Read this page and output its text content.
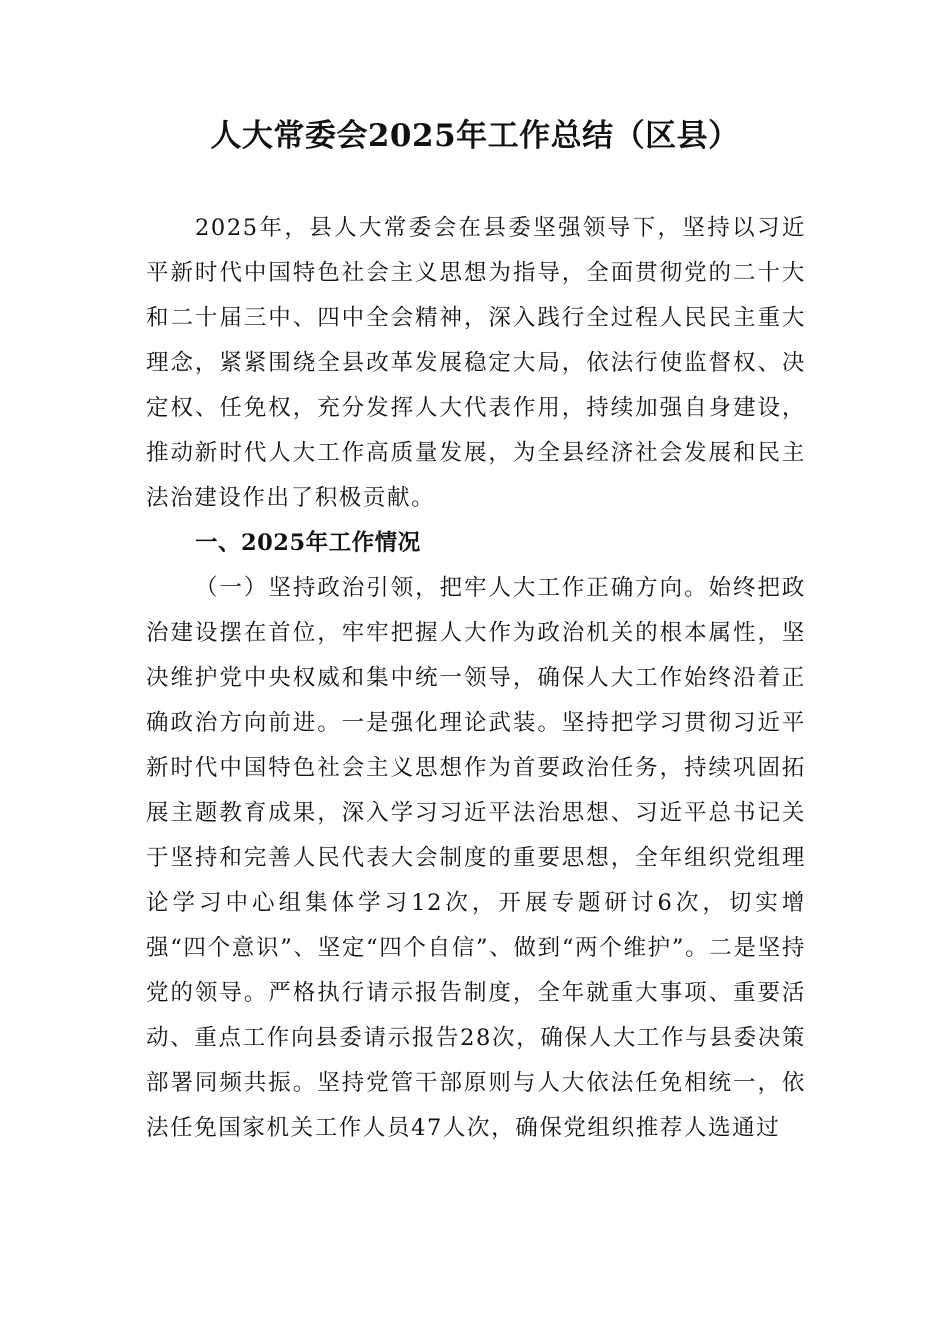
人大常委会2025年工作总结（区县）

2025年，县人大常委会在县委坚强领导下，坚持以习近平新时代中国特色社会主义思想为指导，全面贯彻党的二十大和二十届三中、四中全会精神，深入践行全过程人民民主重大理念，紧紧围绕全县改革发展稳定大局，依法行使监督权、决定权、任免权，充分发挥人大代表作用，持续加强自身建设，推动新时代人大工作高质量发展，为全县经济社会发展和民主法治建设作出了积极贡献。

一、2025年工作情况

（一）坚持政治引领，把牢人大工作正确方向。始终把政治建设摆在首位，牢牢把握人大作为政治机关的根本属性，坚决维护党中央权威和集中统一领导，确保人大工作始终沿着正确政治方向前进。一是强化理论武装。坚持把学习贯彻习近平新时代中国特色社会主义思想作为首要政治任务，持续巩固拓展主题教育成果，深入学习习近平法治思想、习近平总书记关于坚持和完善人民代表大会制度的重要思想，全年组织党组理论学习中心组集体学习12次，开展专题研讨6次，切实增强“四个意识”、坚定“四个自信”、做到“两个维护”。二是坚持党的领导。严格执行请示报告制度，全年就重大事项、重要活动、重点工作向县委请示报告28次，确保人大工作与县委决策部署同频共振。坚持党管干部原则与人大依法任免相统一，依法任免国家机关工作人员47人次，确保党组织推荐人选通过
